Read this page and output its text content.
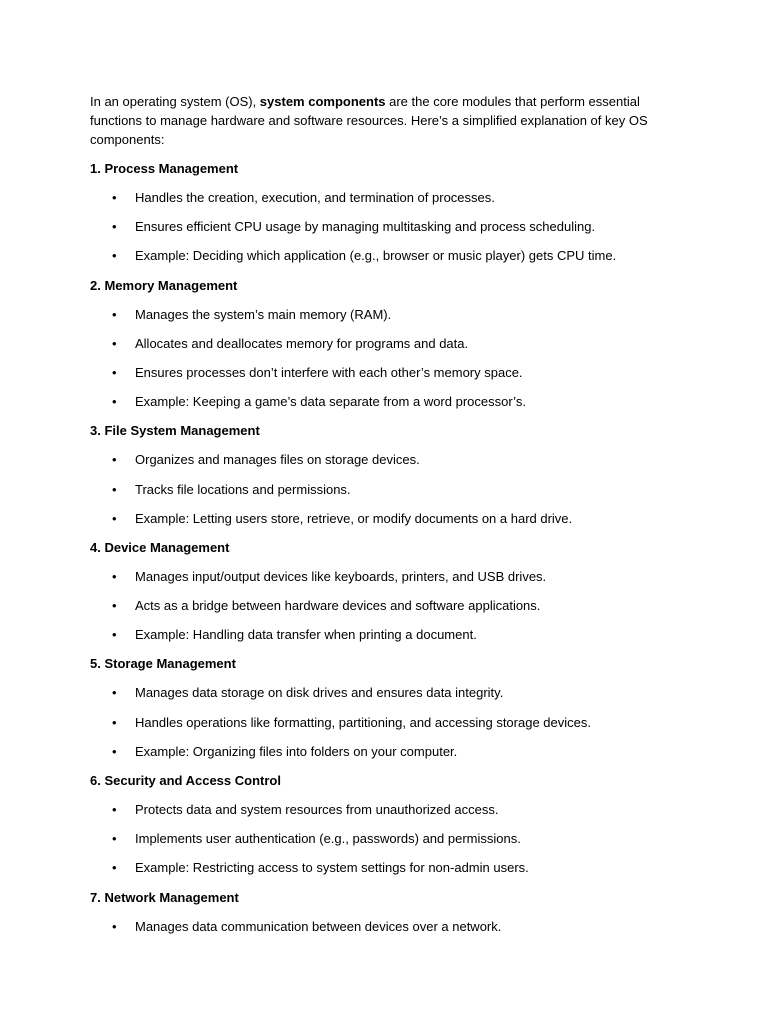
In an operating system (OS), system components are the core modules that perform essential functions to manage hardware and software resources. Here’s a simplified explanation of key OS components:

1. Process Management
• Handles the creation, execution, and termination of processes.
• Ensures efficient CPU usage by managing multitasking and process scheduling.
• Example: Deciding which application (e.g., browser or music player) gets CPU time.
2. Memory Management
• Manages the system’s main memory (RAM).
• Allocates and deallocates memory for programs and data.
• Ensures processes don’t interfere with each other’s memory space.
• Example: Keeping a game’s data separate from a word processor’s.
3. File System Management
• Organizes and manages files on storage devices.
• Tracks file locations and permissions.
• Example: Letting users store, retrieve, or modify documents on a hard drive.
4. Device Management
• Manages input/output devices like keyboards, printers, and USB drives.
• Acts as a bridge between hardware devices and software applications.
• Example: Handling data transfer when printing a document.
5. Storage Management
• Manages data storage on disk drives and ensures data integrity.
• Handles operations like formatting, partitioning, and accessing storage devices.
• Example: Organizing files into folders on your computer.
6. Security and Access Control
• Protects data and system resources from unauthorized access.
• Implements user authentication (e.g., passwords) and permissions.
• Example: Restricting access to system settings for non-admin users.
7. Network Management
• Manages data communication between devices over a network.
